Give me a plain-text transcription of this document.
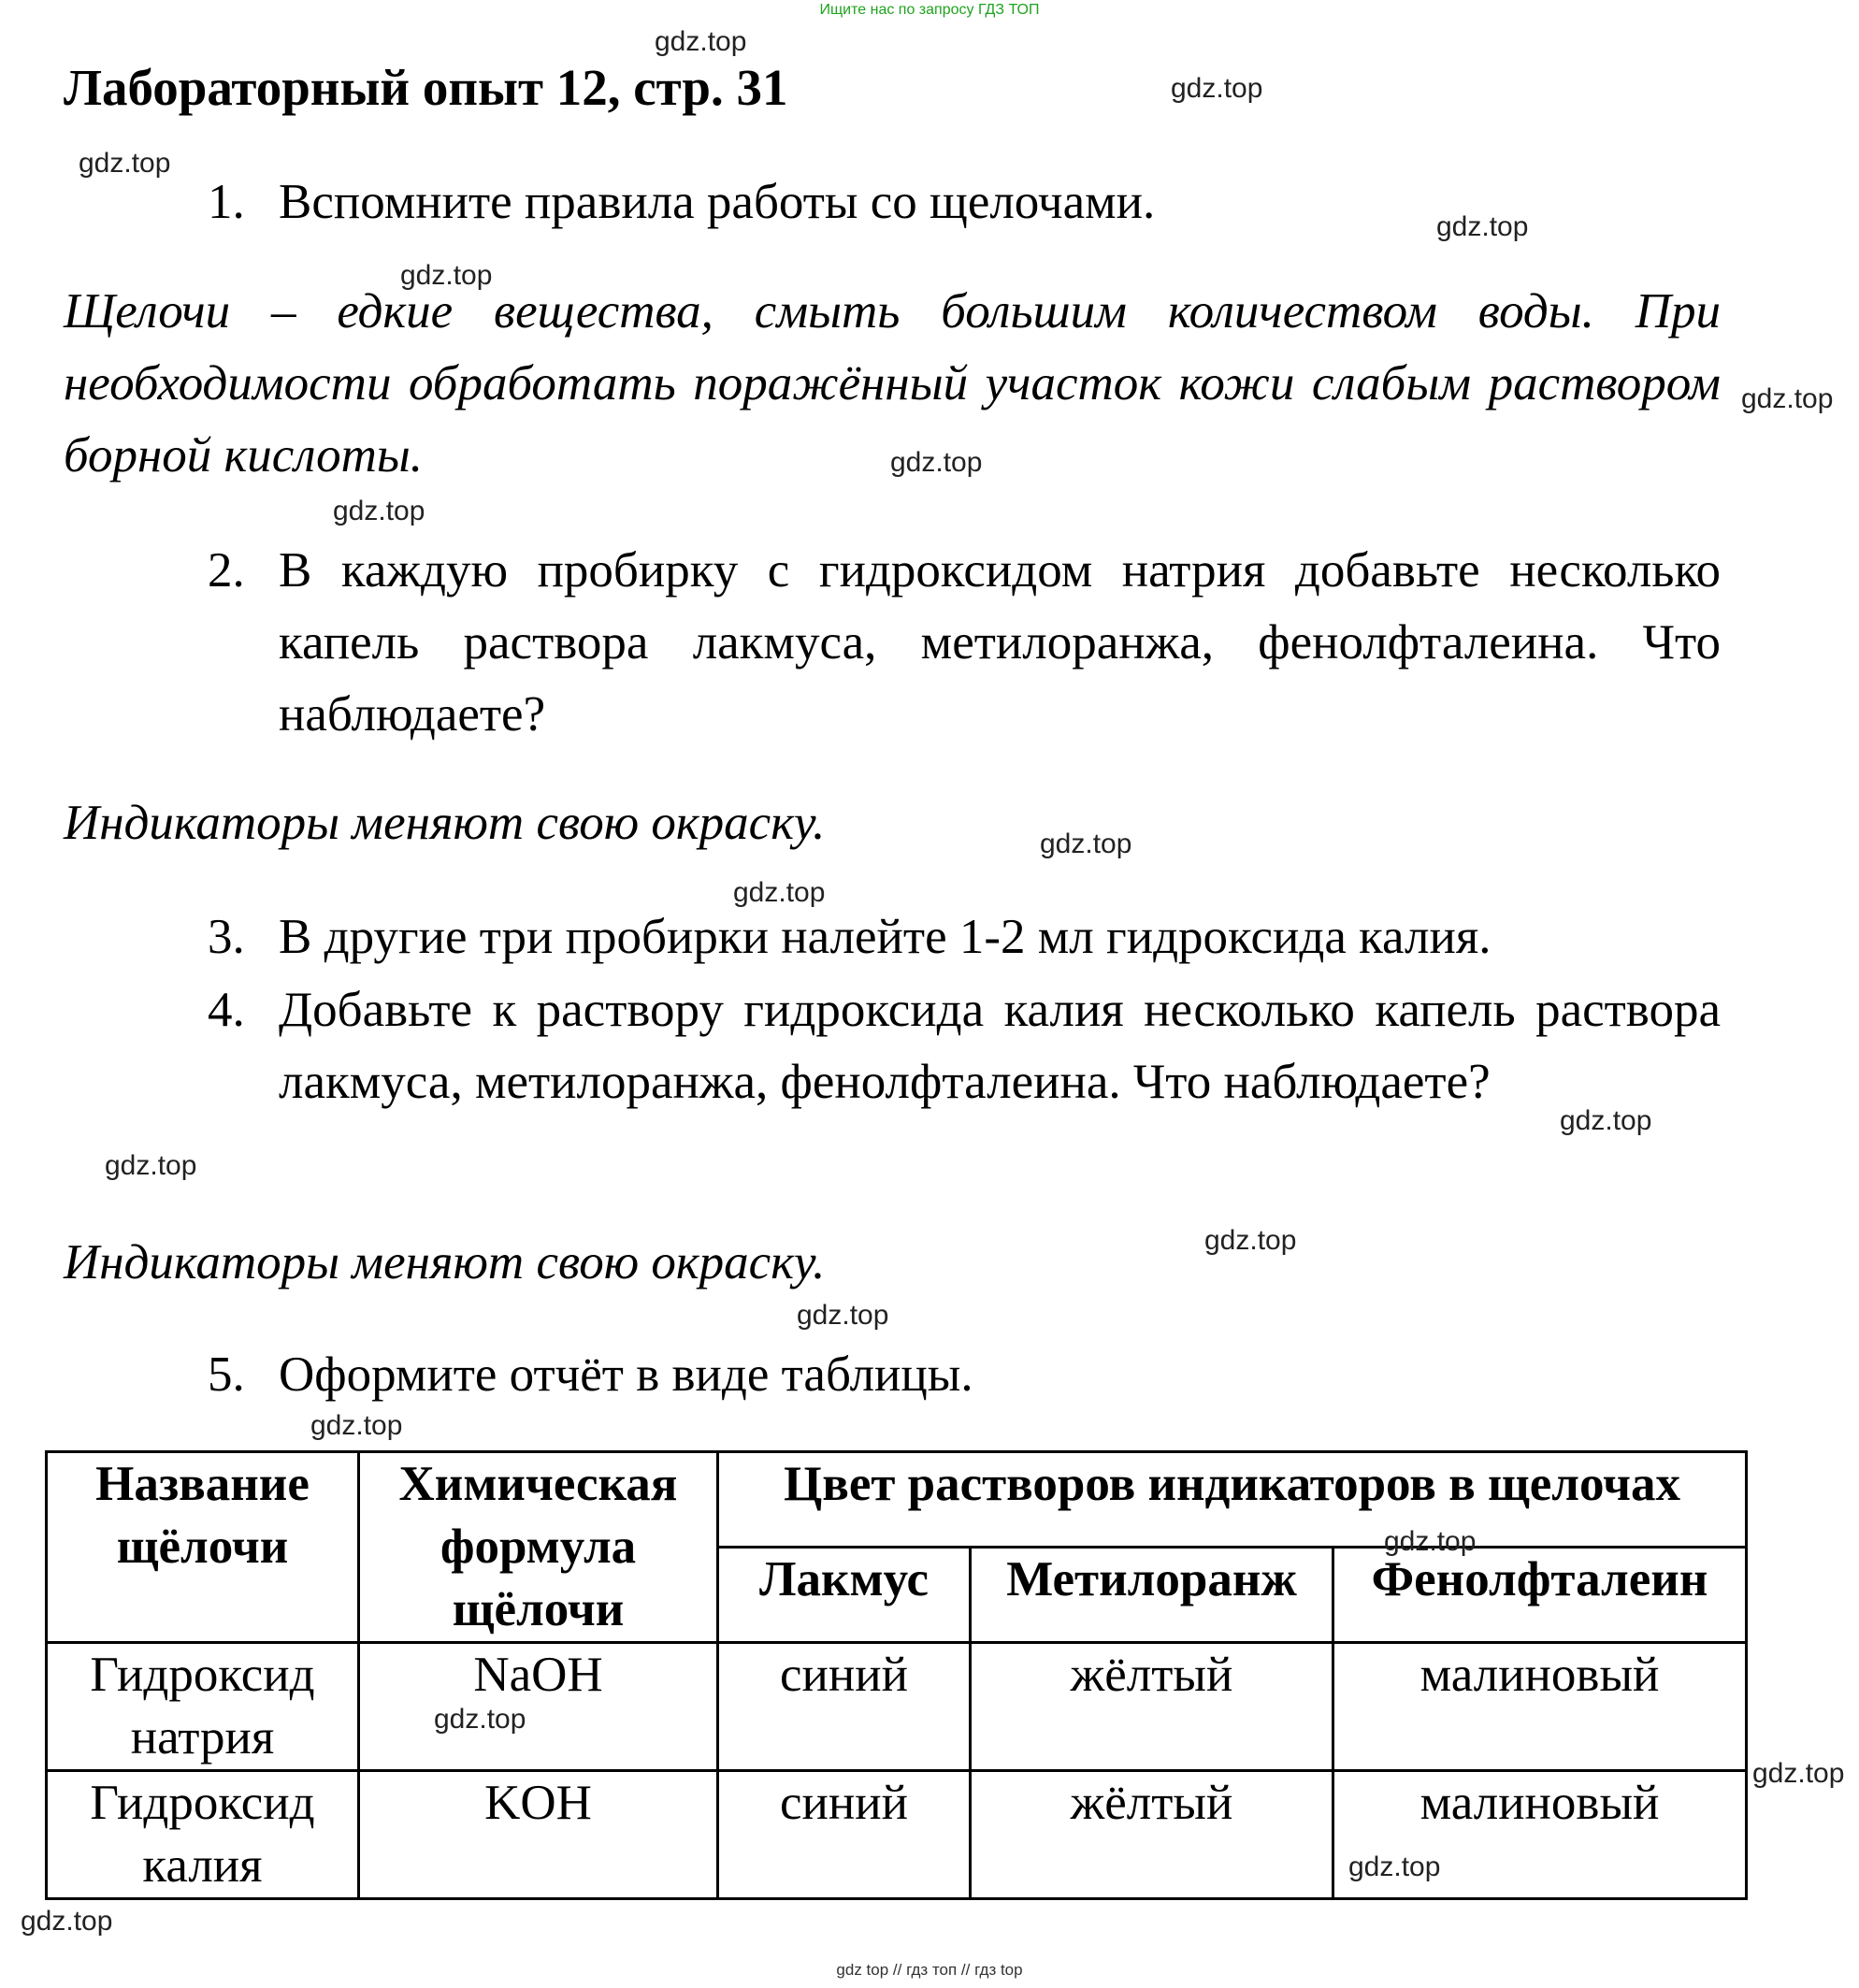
Ищите нас по запросу ГДЗ ТОП
Лабораторный опыт 12, стр. 31
1. Вспомните правила работы со щелочами.
Щелочи – едкие вещества, смыть большим количеством воды. При необходимости обработать поражённый участок кожи слабым раствором борной кислоты.
2. В каждую пробирку с гидроксидом натрия добавьте несколько капель раствора лакмуса, метилоранжа, фенолфталеина. Что наблюдаете?
Индикаторы меняют свою окраску.
3. В другие три пробирки налейте 1-2 мл гидроксида калия.
4. Добавьте к раствору гидроксида калия несколько капель раствора лакмуса, метилоранжа, фенолфталеина. Что наблюдаете?
Индикаторы меняют свою окраску.
5. Оформите отчёт в виде таблицы.
Название щёлочи	Химическая формула щёлочи	Цвет растворов индикаторов в щелочах		
		Лакмус	Метилоранж	Фенолфталеин
Гидроксид натрия	NaOH	синий	жёлтый	малиновый
Гидроксид калия	KOH	синий	жёлтый	малиновый
gdz.top
gdz.top
gdz.top
gdz.top
gdz.top
gdz.top
gdz.top
gdz.top
gdz.top
gdz.top
gdz.top
gdz.top
gdz.top
gdz.top
gdz.top
gdz.top
gdz.top
gdz.top
gdz.top
gdz.top
gdz top // гдз топ // гдз top
